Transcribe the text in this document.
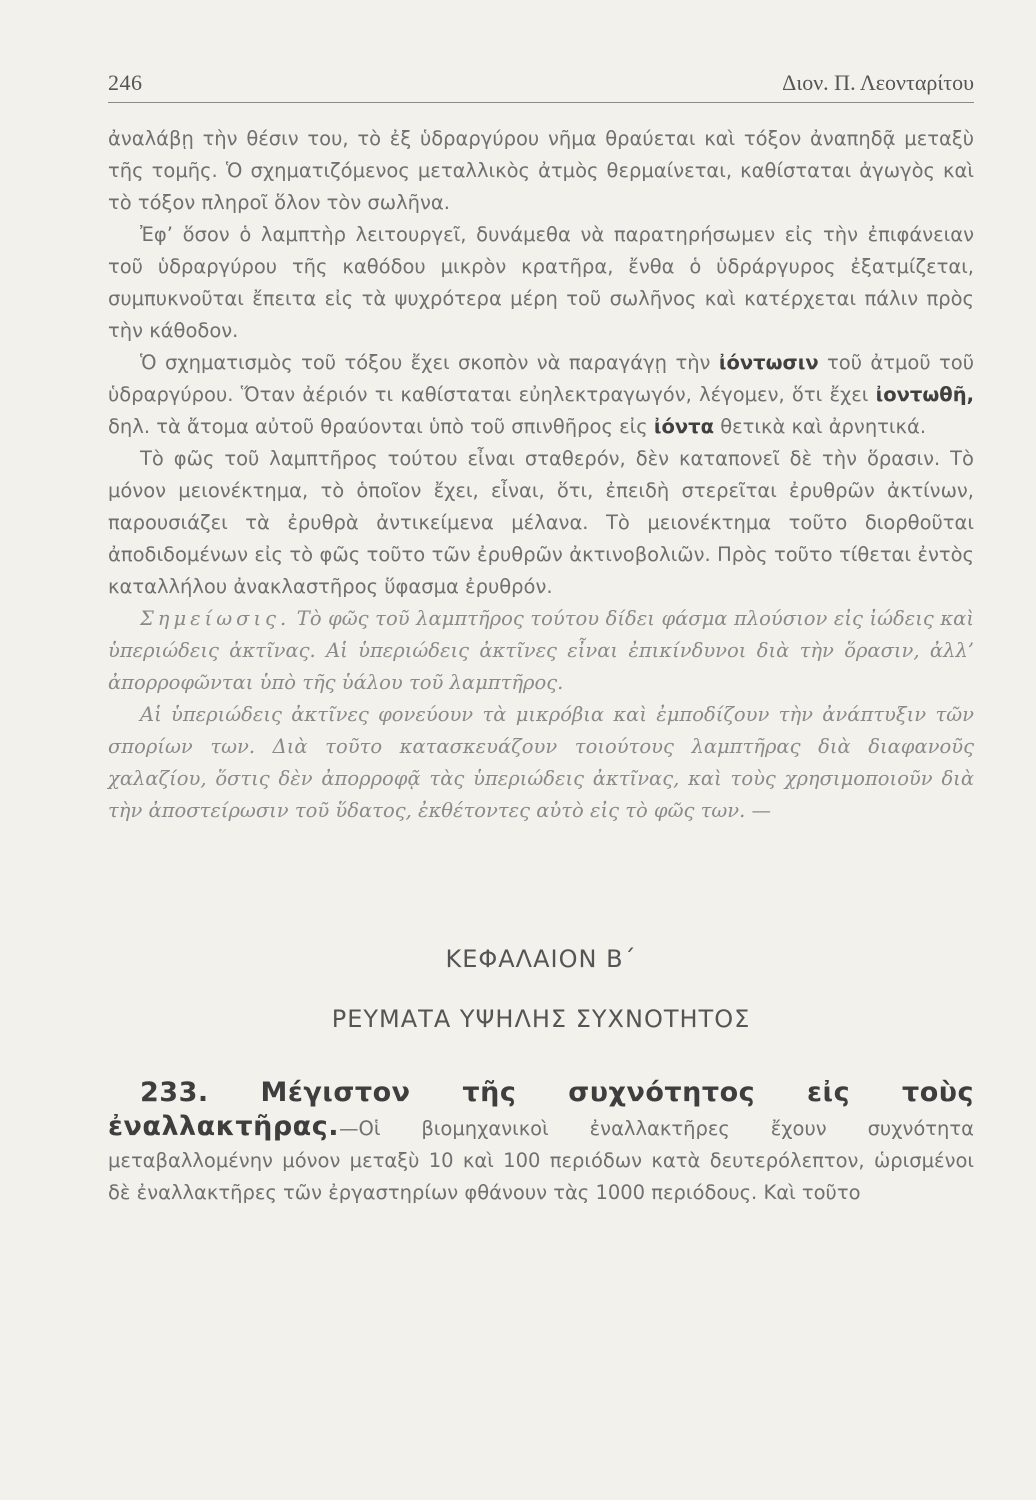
246	Διον. Π. Λεονταρίτου

ἀναλάβῃ τὴν θέσιν του, τὸ ἐξ ὑδραργύρου νῆμα θραύεται καὶ τόξον ἀναπηδᾷ μεταξὺ τῆς τομῆς. Ὁ σχηματιζόμενος μεταλλικὸς ἀτμὸς θερμαίνεται, καθίσταται ἀγωγὸς καὶ τὸ τόξον πληροῖ ὅλον τὸν σωλῆνα.

Ἐφ’ ὅσον ὁ λαμπτὴρ λειτουργεῖ, δυνάμεθα νὰ παρατηρήσωμεν εἰς τὴν ἐπιφάνειαν τοῦ ὑδραργύρου τῆς καθόδου μικρὸν κρατῆρα, ἔνθα ὁ ὑδράργυρος ἐξατμίζεται, συμπυκνοῦται ἔπειτα εἰς τὰ ψυχρότερα μέρη τοῦ σωλῆνος καὶ κατέρχεται πάλιν πρὸς τὴν κάθοδον.

Ὁ σχηματισμὸς τοῦ τόξου ἔχει σκοπὸν νὰ παραγάγῃ τὴν ἰόντωσιν τοῦ ἀτμοῦ τοῦ ὑδραργύρου. Ὅταν ἀέριόν τι καθίσταται εὐηλεκτραγωγόν, λέγομεν, ὅτι ἔχει ἰοντωθῆ, δηλ. τὰ ἄτομα αὐτοῦ θραύονται ὑπὸ τοῦ σπινθῆρος εἰς ἰόντα θετικὰ καὶ ἀρνητικά.

Τὸ φῶς τοῦ λαμπτῆρος τούτου εἶναι σταθερόν, δὲν καταπονεῖ δὲ τὴν ὅρασιν. Τὸ μόνον μειονέκτημα, τὸ ὁποῖον ἔχει, εἶναι, ὅτι, ἐπειδὴ στερεῖται ἐρυθρῶν ἀκτίνων, παρουσιάζει τὰ ἐρυθρὰ ἀντικείμενα μέλανα. Τὸ μειονέκτημα τοῦτο διορθοῦται ἀποδιδομένων εἰς τὸ φῶς τοῦτο τῶν ἐρυθρῶν ἀκτινοβολιῶν. Πρὸς τοῦτο τίθεται ἐντὸς καταλλήλου ἀνακλαστῆρος ὕφασμα ἐρυθρόν.

Σημείωσις. Τὸ φῶς τοῦ λαμπτῆρος τούτου δίδει φάσμα πλούσιον εἰς ἰώδεις καὶ ὑπεριώδεις ἀκτῖνας. Αἱ ὑπεριώδεις ἀκτῖνες εἶναι ἐπικίνδυνοι διὰ τὴν ὅρασιν, ἀλλ’ ἀπορροφῶνται ὑπὸ τῆς ὑάλου τοῦ λαμπτῆρος.

Αἱ ὑπεριώδεις ἀκτῖνες φονεύουν τὰ μικρόβια καὶ ἐμποδίζουν τὴν ἀνάπτυξιν τῶν σπορίων των. Διὰ τοῦτο κατασκευάζουν τοιούτους λαμπτῆρας διὰ διαφανοῦς χαλαζίου, ὅστις δὲν ἀπορροφᾷ τὰς ὑπεριώδεις ἀκτῖνας, καὶ τοὺς χρησιμοποιοῦν διὰ τὴν ἀποστείρωσιν τοῦ ὕδατος, ἐκθέτοντες αὐτὸ εἰς τὸ φῶς των. —

ΚΕΦΑΛΑΙΟΝ Β΄
ΡΕΥΜΑΤΑ ΥΨΗΛΗΣ ΣΥΧΝΟΤΗΤΟΣ

233. Μέγιστον τῆς συχνότητος εἰς τοὺς ἐναλλακτῆρας.—Οἱ βιομηχανικοὶ ἐναλλακτῆρες ἔχουν συχνότητα μεταβαλλομένην μόνον μεταξὺ 10 καὶ 100 περιόδων κατὰ δευτερόλεπτον, ὡρισμένοι δὲ ἐναλλακτῆρες τῶν ἐργαστηρίων φθάνουν τὰς 1000 περιόδους. Καὶ τοῦτο
